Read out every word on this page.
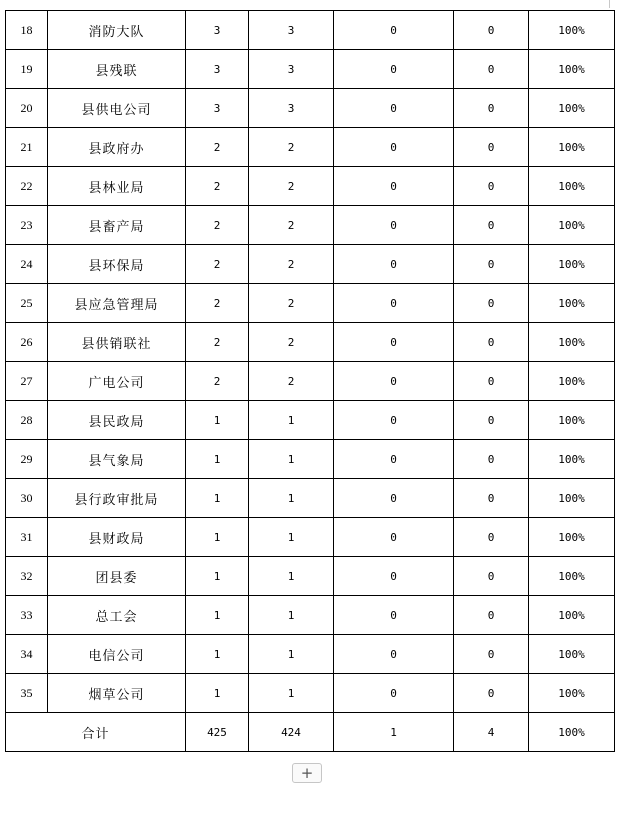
18	消防大队	3	3	0	0	100%
19	县残联	3	3	0	0	100%
20	县供电公司	3	3	0	0	100%
21	县政府办	2	2	0	0	100%
22	县林业局	2	2	0	0	100%
23	县畜产局	2	2	0	0	100%
24	县环保局	2	2	0	0	100%
25	县应急管理局	2	2	0	0	100%
26	县供销联社	2	2	0	0	100%
27	广电公司	2	2	0	0	100%
28	县民政局	1	1	0	0	100%
29	县气象局	1	1	0	0	100%
30	县行政审批局	1	1	0	0	100%
31	县财政局	1	1	0	0	100%
32	团县委	1	1	0	0	100%
33	总工会	1	1	0	0	100%
34	电信公司	1	1	0	0	100%
35	烟草公司	1	1	0	0	100%
合计		425	424	1	4	100%
+
